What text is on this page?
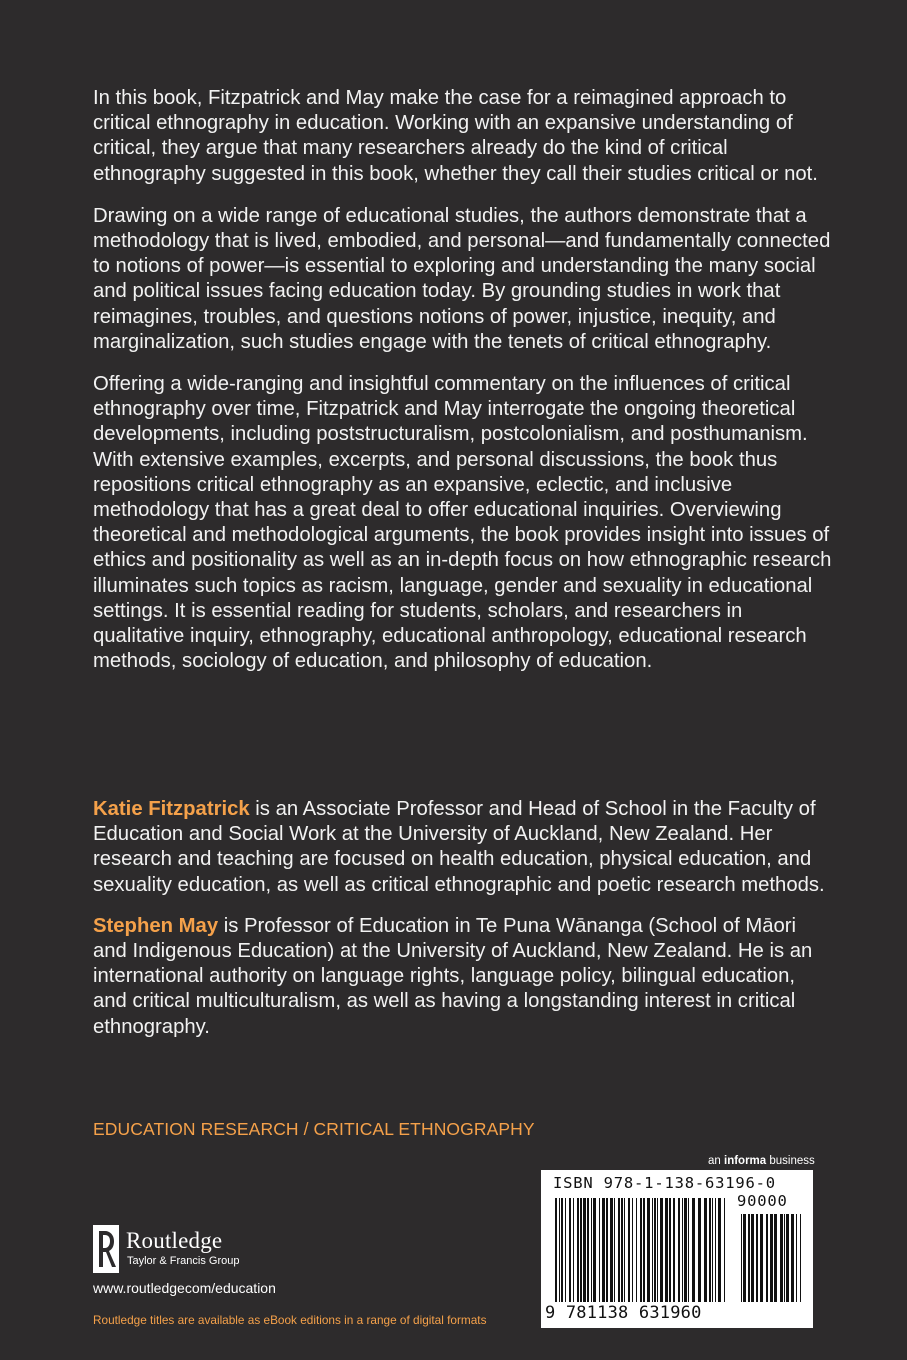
In this book, Fitzpatrick and May make the case for a reimagined approach to critical ethnography in education. Working with an expansive understanding of critical, they argue that many researchers already do the kind of critical ethnography suggested in this book, whether they call their studies critical or not.

Drawing on a wide range of educational studies, the authors demonstrate that a methodology that is lived, embodied, and personal—and fundamentally connected to notions of power—is essential to exploring and understanding the many social and political issues facing education today. By grounding studies in work that reimagines, troubles, and questions notions of power, injustice, inequity, and marginalization, such studies engage with the tenets of critical ethnography.

Offering a wide-ranging and insightful commentary on the influences of critical ethnography over time, Fitzpatrick and May interrogate the ongoing theoretical developments, including poststructuralism, postcolonialism, and posthumanism. With extensive examples, excerpts, and personal discussions, the book thus repositions critical ethnography as an expansive, eclectic, and inclusive methodology that has a great deal to offer educational inquiries. Overviewing theoretical and methodological arguments, the book provides insight into issues of ethics and positionality as well as an in-depth focus on how ethnographic research illuminates such topics as racism, language, gender and sexuality in educational settings. It is essential reading for students, scholars, and researchers in qualitative inquiry, ethnography, educational anthropology, educational research methods, sociology of education, and philosophy of education.

Katie Fitzpatrick is an Associate Professor and Head of School in the Faculty of Education and Social Work at the University of Auckland, New Zealand. Her research and teaching are focused on health education, physical education, and sexuality education, as well as critical ethnographic and poetic research methods.

Stephen May is Professor of Education in Te Puna Wānanga (School of Māori and Indigenous Education) at the University of Auckland, New Zealand. He is an international authority on language rights, language policy, bilingual education, and critical multiculturalism, as well as having a longstanding interest in critical ethnography.

EDUCATION RESEARCH / CRITICAL ETHNOGRAPHY
an informa business
ISBN 978-1-138-63196-0
90000
9 781138 631960
Routledge
Taylor & Francis Group
www.routledgecom/education
Routledge titles are available as eBook editions in a range of digital formats
